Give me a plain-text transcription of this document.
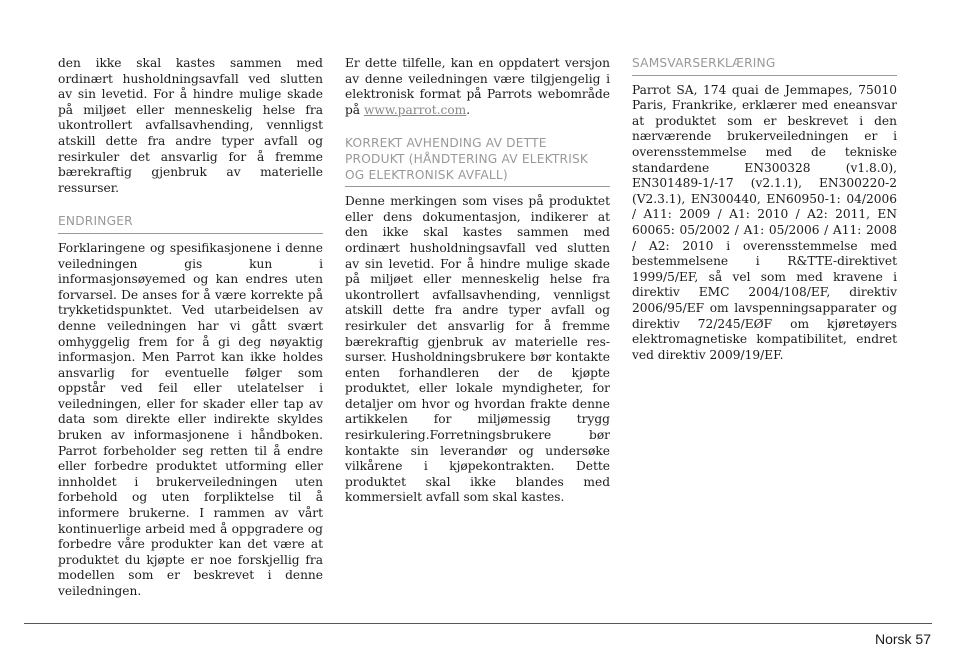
den ikke skal kastes sammen med ordinært husholdningsavfall ved slutten av sin levetid. For å hindre mulige skade på miljøet eller menneskelig helse fra ukontrollert avfallsavhending, vennligst atskill dette fra andre typer avfall og resirkuler det ansvarlig for å fremme bærekraftig gjenbruk av materielle ressurser.

ENDRINGER

Forklaringene og spesifikasjonene i denne veiledningen gis kun i informasjonsøyemed og kan endres uten forvarsel. De anses for å være korrekte på trykketidspunktet. Ved utarbeidelsen av denne veiledningen har vi gått svært omhyggelig frem for å gi deg nøyaktig informasjon. Men Parrot kan ikke holdes ansvarlig for eventuelle følger som oppstår ved feil eller utelatelser i veiledningen, eller for skader eller tap av data som direkte eller indirekte skyldes bruken av informasjonene i håndboken. Parrot forbeholder seg retten til å endre eller forbedre produktet utforming eller innholdet i brukerveiledningen uten forbehold og uten forpliktelse til å informere brukerne. I rammen av vårt kontinuerlige arbeid med å oppgradere og forbedre våre produkter kan det være at produktet du kjøpte er noe forskjellig fra modellen som er beskrevet i denne veiledningen.

Er dette tilfelle, kan en oppdatert versjon av denne veiledningen være tilgjengelig i elektronisk format på Parrots webområde på www.parrot.com.

KORREKT AVHENDING AV DETTE PRODUKT (HÅNDTERING AV ELEKTRISK OG ELEKTRONISK AVFALL)

Denne merkingen som vises på produktet eller dens dokumentasjon, indikerer at den ikke skal kastes sammen med ordinært husholdningsavfall ved slutten av sin levetid. For å hindre mulige skade på miljøet eller menneskelig helse fra ukontrollert avfallsavhending, vennligst atskill dette fra andre typer avfall og resirkuler det ansvarlig for å fremme bærekraftig gjenbruk av materielle res-surser. Husholdningsbrukere bør kontakte enten forhandleren der de kjøpte produktet, eller lokale myndigheter, for detaljer om hvor og hvordan frakte denne artikkelen for miljømessig trygg resirkulering.Forretningsbrukere bør kontakte sin leverandør og undersøke vilkårene i kjøpekontrakten. Dette produktet skal ikke blandes med kommersielt avfall som skal kastes.

SAMSVARSERKLÆRING

Parrot SA, 174 quai de Jemmapes, 75010 Paris, Frankrike, erklærer med eneansvar at produktet som er beskrevet i den nærværende brukerveiledningen er i overensstemmelse med de tekniske standardene EN300328 (v1.8.0), EN301489-1/-17 (v2.1.1), EN300220-2 (V2.3.1), EN300440, EN60950-1: 04/2006 / A11: 2009 / A1: 2010 / A2: 2011, EN 60065: 05/2002 / A1: 05/2006 / A11: 2008 / A2: 2010 i overensstemmelse med bestemmelsene i R&TTE-direktivet 1999/5/EF, så vel som med kravene i direktiv EMC 2004/108/EF, direktiv 2006/95/EF om lavspenningsapparater og direktiv 72/245/EØF om kjøretøyers elektromagnetiske kompatibilitet, endret ved direktiv 2009/19/EF.

Norsk 57
